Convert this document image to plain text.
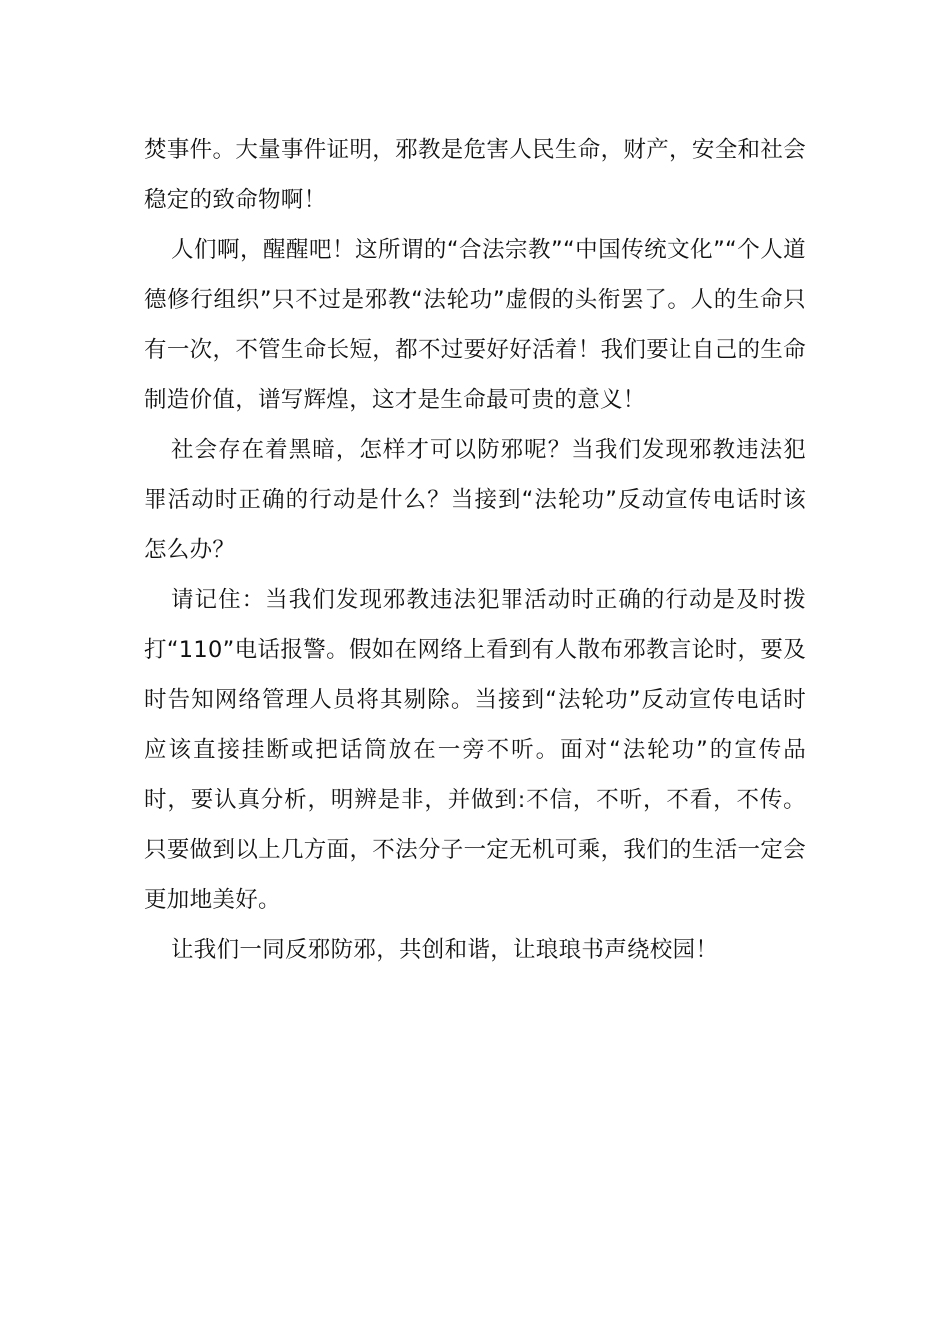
焚事件。大量事件证明，邪教是危害人民生命，财产，安全和社会稳定的致命物啊！

人们啊，醒醒吧！这所谓的“合法宗教”“中国传统文化”“个人道德修行组织”只不过是邪教“法轮功”虚假的头衔罢了。人的生命只有一次，不管生命长短，都不过要好好活着！我们要让自己的生命制造价值，谱写辉煌，这才是生命最可贵的意义！

社会存在着黑暗，怎样才可以防邪呢？当我们发现邪教违法犯罪活动时正确的行动是什么？当接到“法轮功”反动宣传电话时该怎么办？

请记住：当我们发现邪教违法犯罪活动时正确的行动是及时拨打“110”电话报警。假如在网络上看到有人散布邪教言论时，要及时告知网络管理人员将其剔除。当接到“法轮功”反动宣传电话时应该直接挂断或把话筒放在一旁不听。面对“法轮功”的宣传品时，要认真分析，明辨是非，并做到:不信，不听，不看，不传。只要做到以上几方面，不法分子一定无机可乘，我们的生活一定会更加地美好。

让我们一同反邪防邪，共创和谐，让琅琅书声绕校园！
